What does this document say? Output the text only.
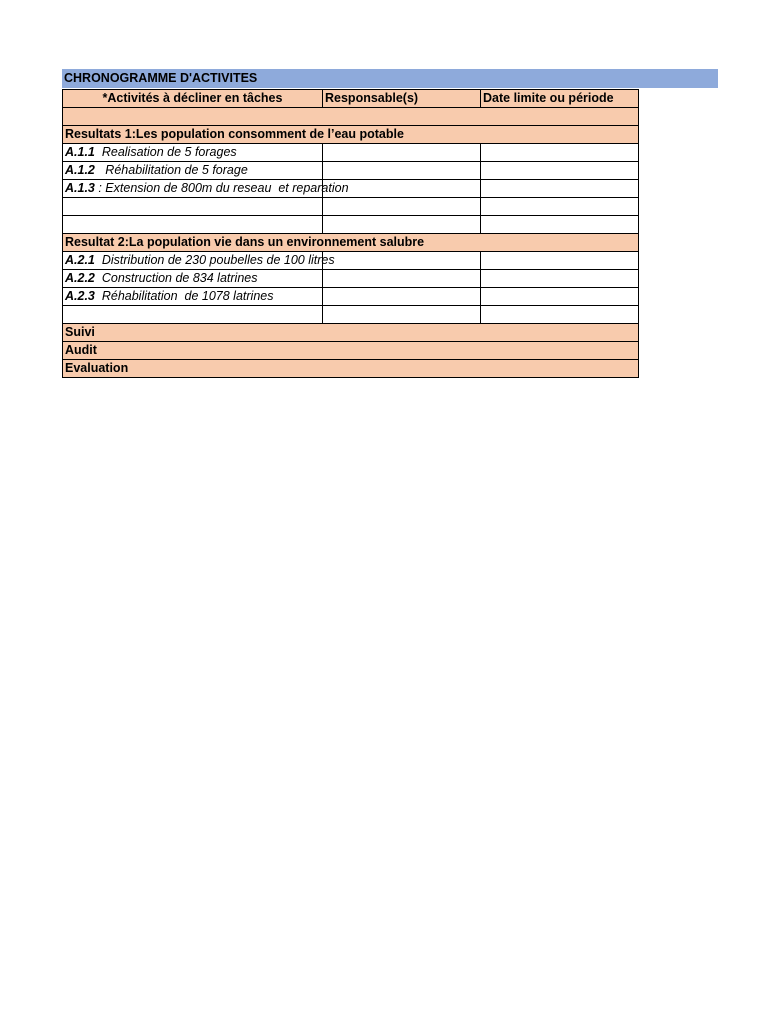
CHRONOGRAMME D'ACTIVITES
*Activités à décliner en tâches	Responsable(s)	Date limite ou période

Resultats 1:Les population consomment de l’eau potable		
A.1.1  Realisation de 5 forages		
A.1.2   Réhabilitation de 5 forage		
A.1.3 : Extension de 800m du reseau  et reparation		

Resultat 2:La population vie dans un environnement salubre		
A.2.1  Distribution de 230 poubelles de 100 litres		
A.2.2  Construction de 834 latrines		
A.2.3  Réhabilitation  de 1078 latrines		

Suivi		
Audit		
Evaluation		
